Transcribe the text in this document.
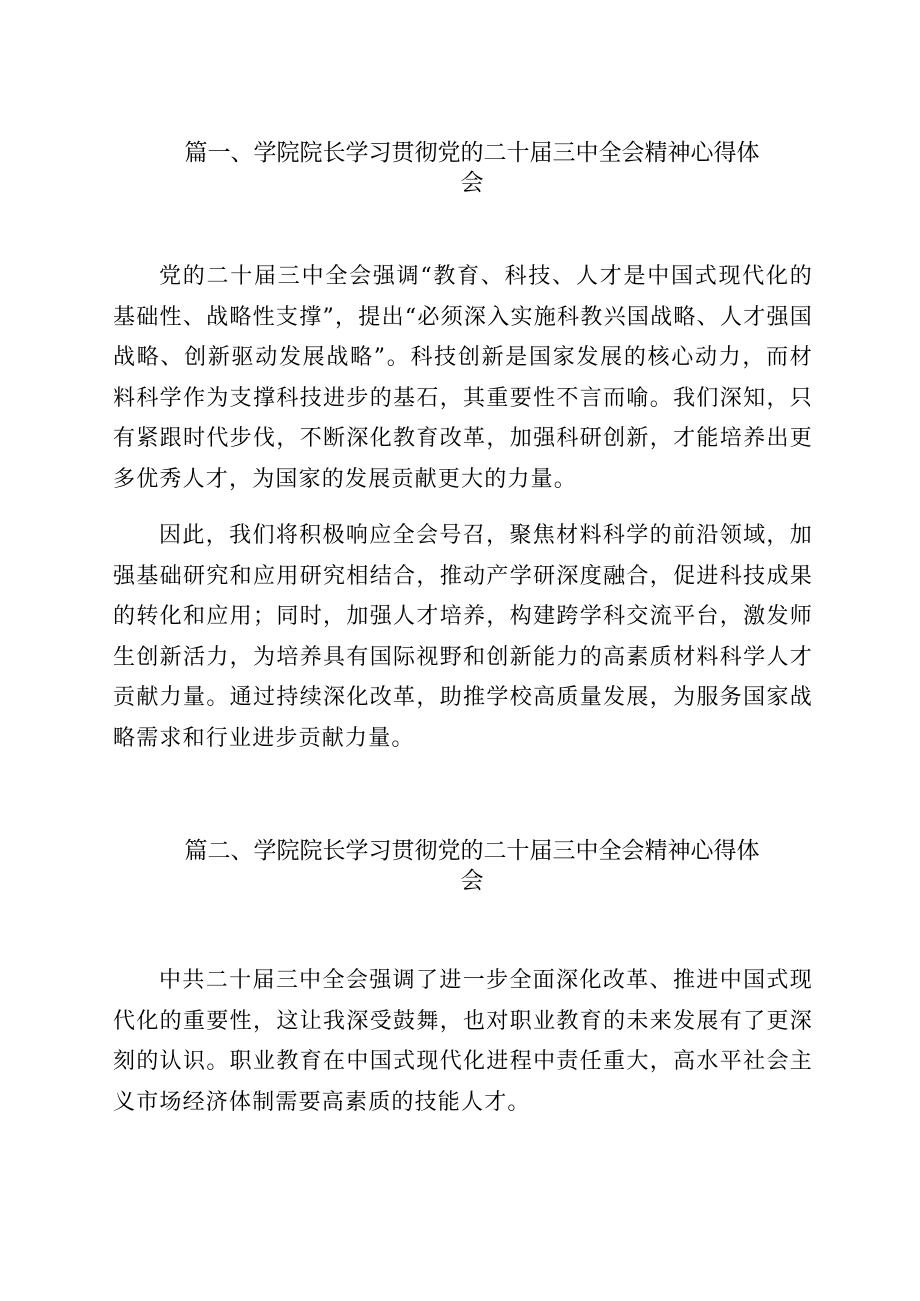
篇一、学院院长学习贯彻党的二十届三中全会精神心得体
会

党的二十届三中全会强调“教育、科技、人才是中国式现代化的基础性、战略性支撑”，提出“必须深入实施科教兴国战略、人才强国战略、创新驱动发展战略”。科技创新是国家发展的核心动力，而材料科学作为支撑科技进步的基石，其重要性不言而喻。我们深知，只有紧跟时代步伐，不断深化教育改革，加强科研创新，才能培养出更多优秀人才，为国家的发展贡献更大的力量。

因此，我们将积极响应全会号召，聚焦材料科学的前沿领域，加强基础研究和应用研究相结合，推动产学研深度融合，促进科技成果的转化和应用；同时，加强人才培养，构建跨学科交流平台，激发师生创新活力，为培养具有国际视野和创新能力的高素质材料科学人才贡献力量。通过持续深化改革，助推学校高质量发展，为服务国家战略需求和行业进步贡献力量。

篇二、学院院长学习贯彻党的二十届三中全会精神心得体
会

中共二十届三中全会强调了进一步全面深化改革、推进中国式现代化的重要性，这让我深受鼓舞，也对职业教育的未来发展有了更深刻的认识。职业教育在中国式现代化进程中责任重大，高水平社会主义市场经济体制需要高素质的技能人才。
